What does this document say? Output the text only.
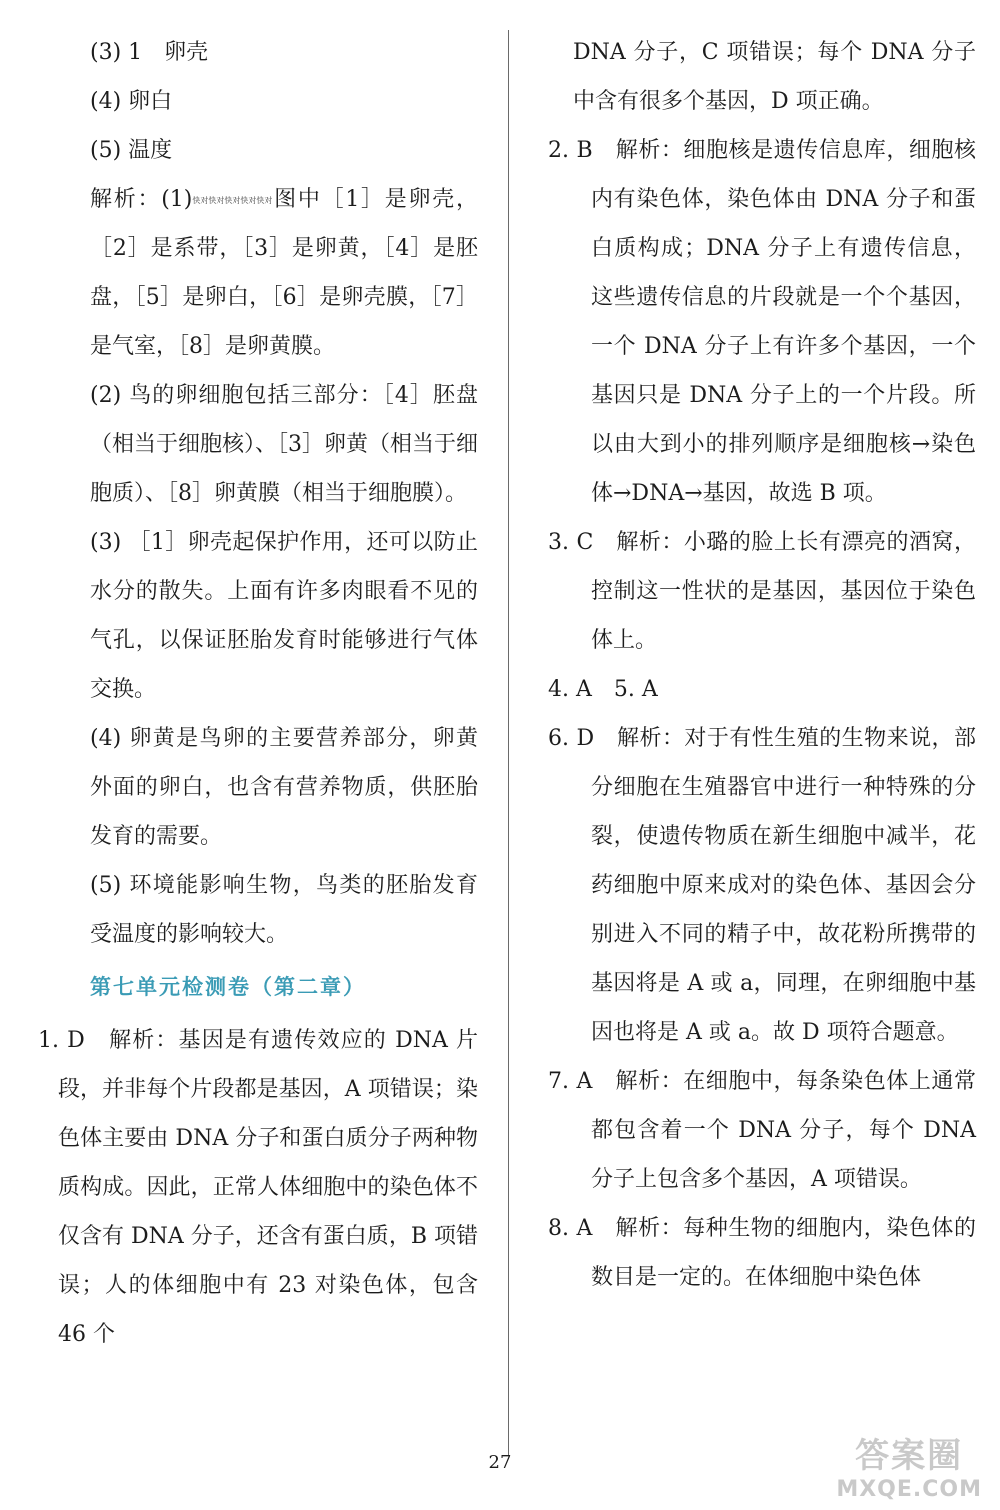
(3) 1　卵壳

(4) 卵白

(5) 温度

解析：(1)快对快对快对快对快对图中［1］是卵壳，［2］是系带，［3］是卵黄，［4］是胚盘，［5］是卵白，［6］是卵壳膜，［7］是气室，［8］是卵黄膜。

(2) 鸟的卵细胞包括三部分：［4］胚盘（相当于细胞核）、［3］卵黄（相当于细胞质）、［8］卵黄膜（相当于细胞膜）。

(3) ［1］卵壳起保护作用，还可以防止水分的散失。上面有许多肉眼看不见的气孔，以保证胚胎发育时能够进行气体交换。

(4) 卵黄是鸟卵的主要营养部分，卵黄外面的卵白，也含有营养物质，供胚胎发育的需要。

(5) 环境能影响生物，鸟类的胚胎发育受温度的影响较大。

第七单元检测卷（第二章）

1. D　解析：基因是有遗传效应的 DNA 片段，并非每个片段都是基因，A 项错误；染色体主要由 DNA 分子和蛋白质分子两种物质构成。因此，正常人体细胞中的染色体不仅含有 DNA 分子，还含有蛋白质，B 项错误；人的体细胞中有 23 对染色体，包含 46 个

DNA 分子，C 项错误；每个 DNA 分子中含有很多个基因，D 项正确。

2. B　解析：细胞核是遗传信息库，细胞核内有染色体，染色体由 DNA 分子和蛋白质构成；DNA 分子上有遗传信息，这些遗传信息的片段就是一个个基因，一个 DNA 分子上有许多个基因，一个基因只是 DNA 分子上的一个片段。所以由大到小的排列顺序是细胞核→染色体→DNA→基因，故选 B 项。

3. C　解析：小璐的脸上长有漂亮的酒窝，控制这一性状的是基因，基因位于染色体上。

4. A　5. A

6. D　解析：对于有性生殖的生物来说，部分细胞在生殖器官中进行一种特殊的分裂，使遗传物质在新生细胞中减半，花药细胞中原来成对的染色体、基因会分别进入不同的精子中，故花粉所携带的基因将是 A 或 a，同理，在卵细胞中基因也将是 A 或 a。故 D 项符合题意。

7. A　解析：在细胞中，每条染色体上通常都包含着一个 DNA 分子，每个 DNA 分子上包含多个基因，A 项错误。

8. A　解析：每种生物的细胞内，染色体的数目是一定的。在体细胞中染色体

27	答案圈
MXQE.COM
